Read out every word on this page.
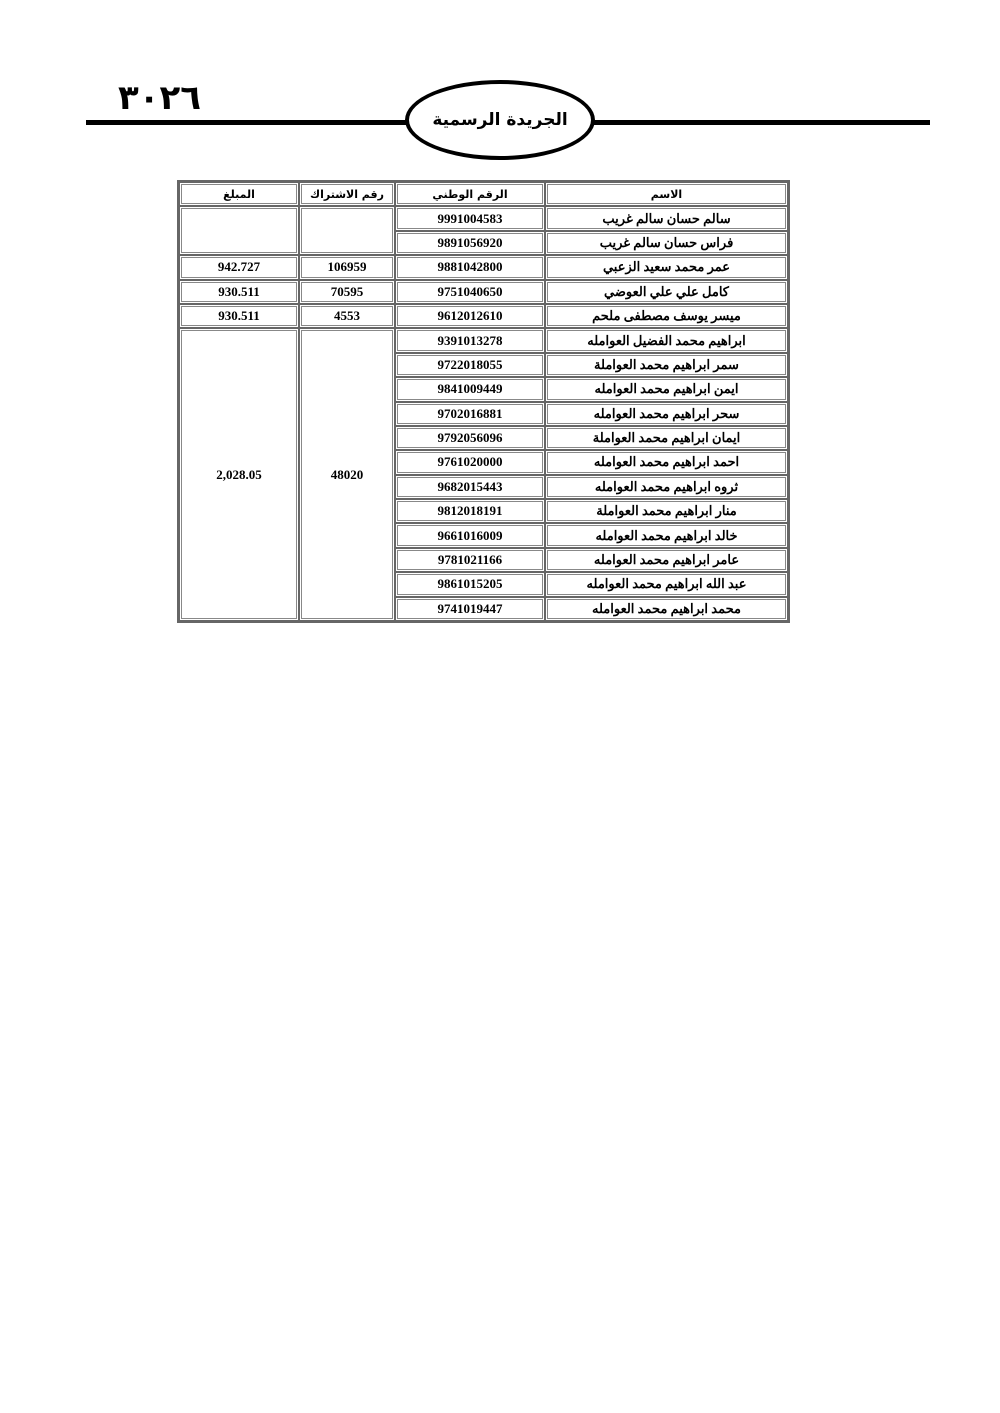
٣٠٢٦
الجريدة الرسمية
الاسم	الرقم الوطني	رقم الاشتراك	المبلغ
سالم حسان سالم غريب	9991004583		
فراس حسان سالم غريب	9891056920		
عمر محمد سعيد الزعبي	9881042800	106959	942.727
كامل علي علي العوضي	9751040650	70595	930.511
ميسر يوسف مصطفى ملحم	9612012610	4553	930.511
ابراهيم محمد الفضيل العوامله	9391013278	48020	2,028.05
سمر ابراهيم محمد العواملة	9722018055		
ايمن ابراهيم محمد العوامله	9841009449		
سحر ابراهيم محمد العوامله	9702016881		
ايمان ابراهيم محمد العواملة	9792056096		
احمد ابراهيم محمد العوامله	9761020000		
ثروه ابراهيم محمد العوامله	9682015443		
منار ابراهيم محمد العواملة	9812018191		
خالد ابراهيم محمد العوامله	9661016009		
عامر ابراهيم محمد العوامله	9781021166		
عبد الله ابراهيم محمد العوامله	9861015205		
محمد ابراهيم محمد العوامله	9741019447		
